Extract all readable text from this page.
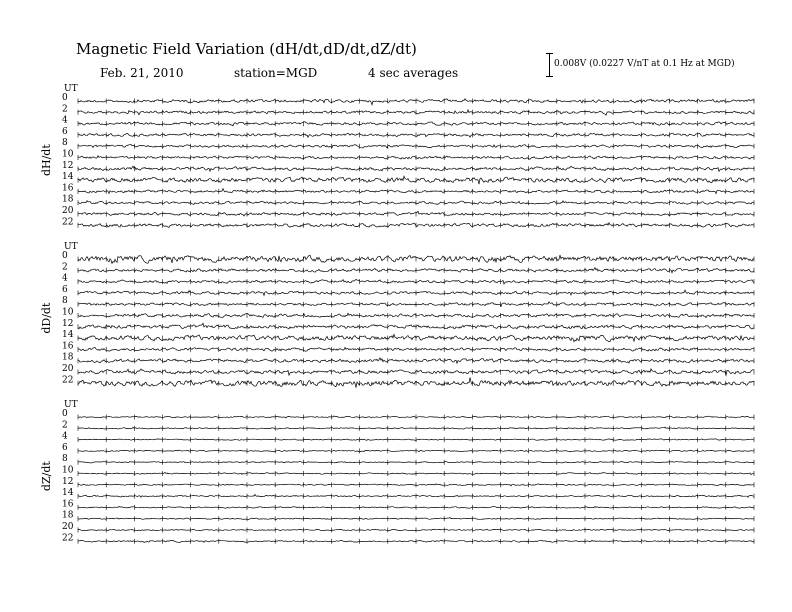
Magnetic Field Variation (dH/dt,dD/dt,dZ/dt)
Feb. 21, 2010	station=MGD	4 sec averages
0.008V (0.0227 V/nT at 0.1 Hz at MGD)
UT
dH/dt
0
2
4
6
8
10
12
14
16
18
20
22
UT
dD/dt
0
2
4
6
8
10
12
14
16
18
20
22
UT
dZ/dt
0
2
4
6
8
10
12
14
16
18
20
22
